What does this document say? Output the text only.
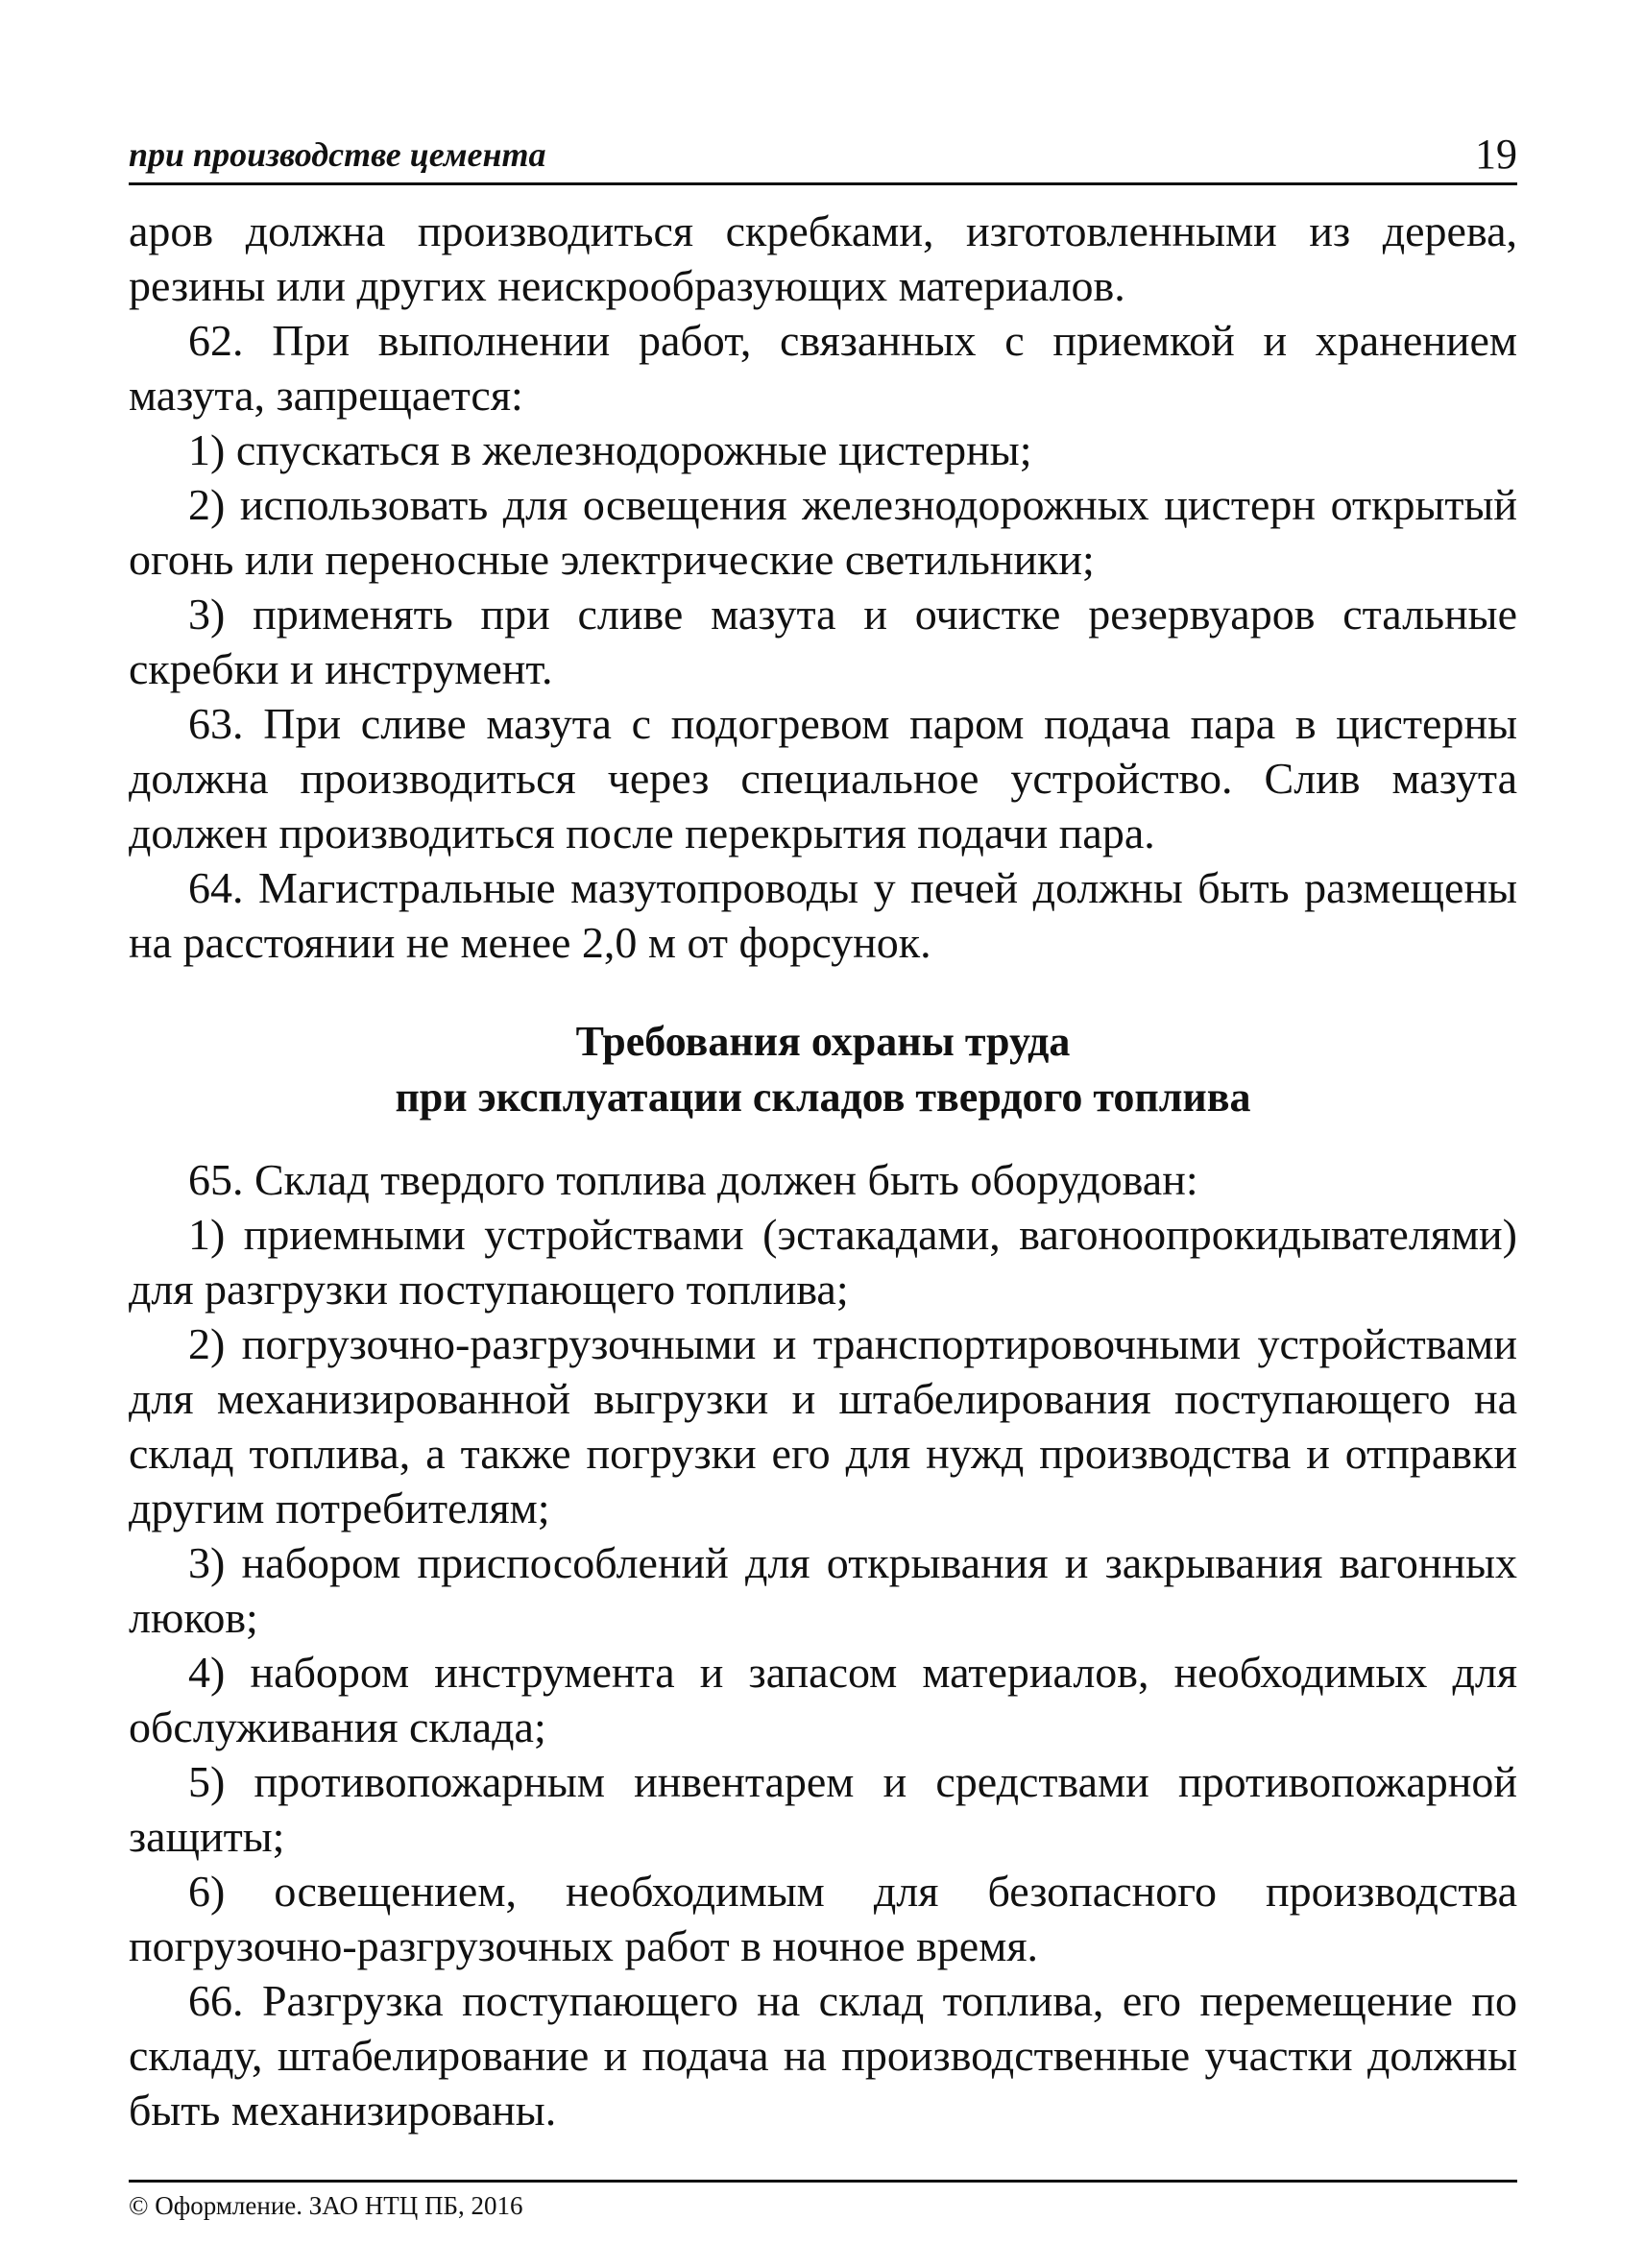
при производстве цемента	19

аров должна производиться скребками, изготовленными из дерева, резины или других неискрообразующих материалов.

62. При выполнении работ, связанных с приемкой и хранением мазута, запрещается:

1) спускаться в железнодорожные цистерны;

2) использовать для освещения железнодорожных цистерн открытый огонь или переносные электрические светильники;

3) применять при сливе мазута и очистке резервуаров стальные скребки и инструмент.

63. При сливе мазута с подогревом паром подача пара в цистерны должна производиться через специальное устройство. Слив мазута должен производиться после перекрытия подачи пара.

64. Магистральные мазутопроводы у печей должны быть размещены на расстоянии не менее 2,0 м от форсунок.

Требования охраны труда
при эксплуатации складов твердого топлива

65. Склад твердого топлива должен быть оборудован:

1) приемными устройствами (эстакадами, вагоноопрокидывателями) для разгрузки поступающего топлива;

2) погрузочно-разгрузочными и транспортировочными устройствами для механизированной выгрузки и штабелирования поступающего на склад топлива, а также погрузки его для нужд производства и отправки другим потребителям;

3) набором приспособлений для открывания и закрывания вагонных люков;

4) набором инструмента и запасом материалов, необходимых для обслуживания склада;

5) противопожарным инвентарем и средствами противопожарной защиты;

6) освещением, необходимым для безопасного производства погрузочно-разгрузочных работ в ночное время.

66. Разгрузка поступающего на склад топлива, его перемещение по складу, штабелирование и подача на производственные участки должны быть механизированы.

© Оформление. ЗАО НТЦ ПБ, 2016
